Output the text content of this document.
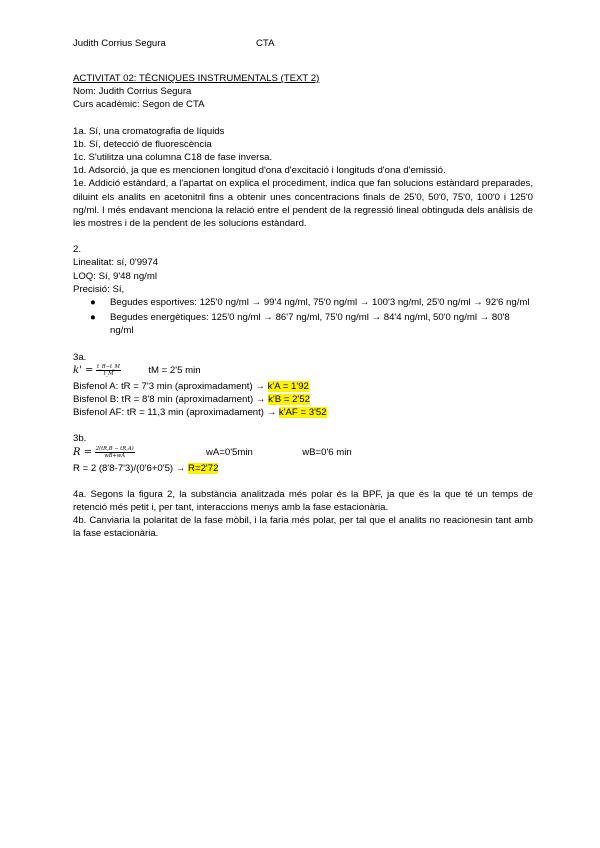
Judith Corrius Segura	CTA

ACTIVITAT 02: TÈCNIQUES INSTRUMENTALS (TEXT 2)

Nom: Judith Corrius Segura

Curs acadèmic: Segon de CTA

1a. Sí, una cromatografia de líquids

1b. Sí, detecció de fluorescència

1c. S'utilitza una columna C18 de fase inversa.

1d. Adsorció, ja que es mencionen longitud d'ona d'excitació i longituds d'ona d'emissió.

1e. Addició estàndard, a l'apartat on explica el procediment, indica que fan solucions estàndard preparades, diluint els analits en acetonitril fins a obtenir unes concentracions finals de 25'0, 50'0, 75'0, 100'0 i 125'0 ng/ml. I més endavant menciona la relació entre el pendent de la regressió lineal obtinguda dels anàlisis de les mostres i de la pendent de les solucions estàndard.

2.

Linealitat: sí, 0'9974

LOQ: Sí, 9'48 ng/ml

Precisió: Sí,

● Begudes esportives: 125'0 ng/ml → 99'4 ng/ml, 75'0 ng/ml → 100'3 ng/ml, 25'0 ng/ml → 92'6 ng/ml
● Begudes energètiques: 125'0 ng/ml → 86'7 ng/ml, 75'0 ng/ml → 84'4 ng/ml, 50'0 ng/ml → 80'8 ng/ml

3a.

$k' = \frac{t\_R-t\_M}{t\_M}$	tM = 2'5 min

Bisfenol A: tR = 7'3 min (aproximadament) → k'A = 1'92

Bisfenol B: tR = 8'8 min (aproximadament) → k'B = 2'52

Bisfenol AF: tR = 11,3 min (aproximadament) → k'AF = 3'52

3b.

$R = \frac{2(tR,B - tR,A)}{wB+wA}$	wA=0'5min	wB=0'6 min

R = 2 (8'8-7'3)/(0'6+0'5) → R=2'72

4a. Segons la figura 2, la substància analitzada més polar és la BPF, ja que és la que té un temps de retenció més petit i, per tant, interaccions menys amb la fase estacionària.

4b. Canviaria la polaritat de la fase mòbil, i la faria més polar, per tal que el analits no reacionesin tant amb la fase estacionària.
